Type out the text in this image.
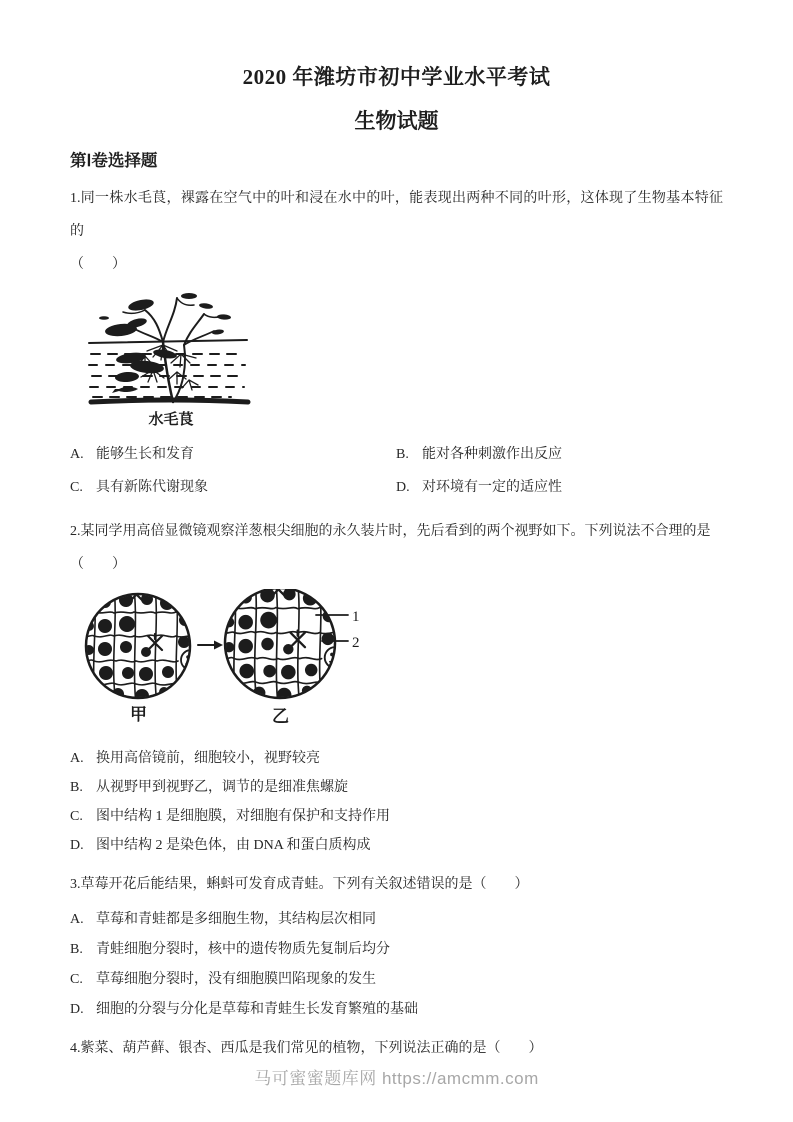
2020 年潍坊市初中学业水平考试
生物试题
第Ⅰ卷选择题
1.同一株水毛茛，裸露在空气中的叶和浸在水中的叶，能表现出两种不同的叶形，这体现了生物基本特征的
（　　）
水毛茛
A. 能够生长和发育	B. 能对各种刺激作出反应
C. 具有新陈代谢现象	D. 对环境有一定的适应性
2.某同学用高倍显微镜观察洋葱根尖细胞的永久装片时，先后看到的两个视野如下。下列说法不合理的是
（　　）
1
2
甲	乙
A. 换用高倍镜前，细胞较小，视野较亮
B. 从视野甲到视野乙，调节的是细准焦螺旋
C. 图中结构 1 是细胞膜，对细胞有保护和支持作用
D. 图中结构 2 是染色体，由 DNA 和蛋白质构成
3.草莓开花后能结果，蝌蚪可发育成青蛙。下列有关叙述错误的是（　　）
A. 草莓和青蛙都是多细胞生物，其结构层次相同
B. 青蛙细胞分裂时，核中的遗传物质先复制后均分
C. 草莓细胞分裂时，没有细胞膜凹陷现象的发生
D. 细胞的分裂与分化是草莓和青蛙生长发育繁殖的基础
4.紫菜、葫芦藓、银杏、西瓜是我们常见的植物，下列说法正确的是（　　）
马可蜜蜜题库网 https://amcmm.com
